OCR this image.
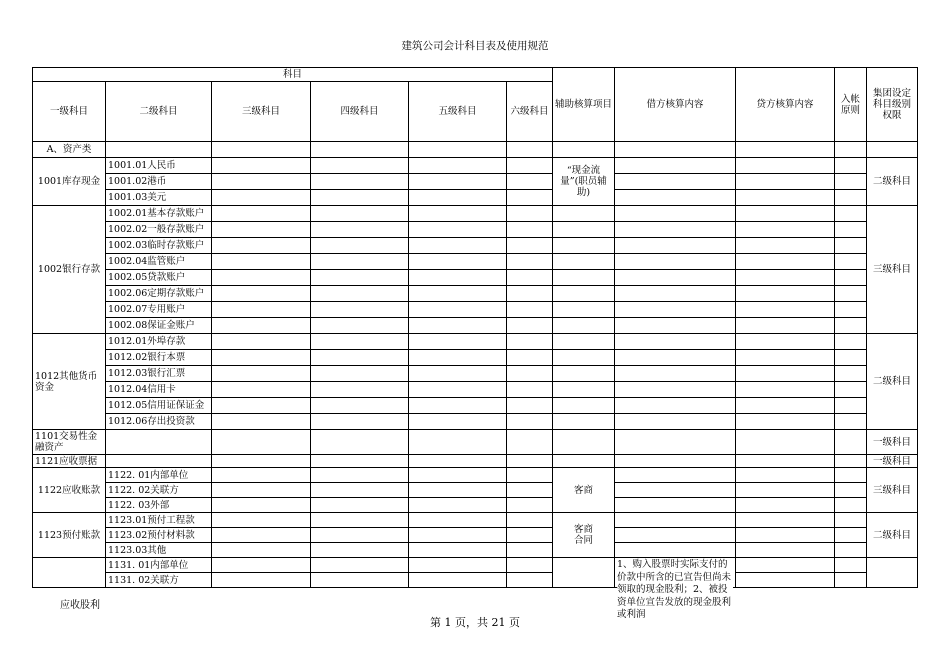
建筑公司会计科目表及使用规范
科目						辅助核算项目	借方核算内容	贷方核算内容	入帐原则	集团设定科目级别权限
一级科目	二级科目	三级科目	四级科目	五级科目	六级科目					
A、资产类										
1001库存现金	1001.01人民币					“现金流量”(职员辅助)				二级科目
	1001.02港币									
	1001.03美元									
1002银行存款	1002.01基本存款账户									三级科目
	1002.02一般存款账户									
	1002.03临时存款账户									
	1002.04监管账户									
	1002.05贷款账户									
	1002.06定期存款账户									
	1002.07专用账户									
	1002.08保证金账户									
1012其他货币资金	1012.01外埠存款									二级科目
	1012.02银行本票									
	1012.03银行汇票									
	1012.04信用卡									
	1012.05信用证保证金									
	1012.06存出投资款									
1101交易性金融资产										一级科目
1121应收票据										一级科目
1122应收账款	1122. 01内部单位					客商				三级科目
	1122. 02关联方									
	1122. 03外部									
1123预付账款	1123.01预付工程款					客商合同				二级科目
	1123.02预付材料款									
	1123.03其他									
	1131. 01内部单位						1、购入股票时实际支付的价款中所含的已宣告但尚未领取的现金股利；2、被投资单位宣告发放的现金股利或利润			

	1131. 02关联方									
应收股利
第 1 页，共 21 页
